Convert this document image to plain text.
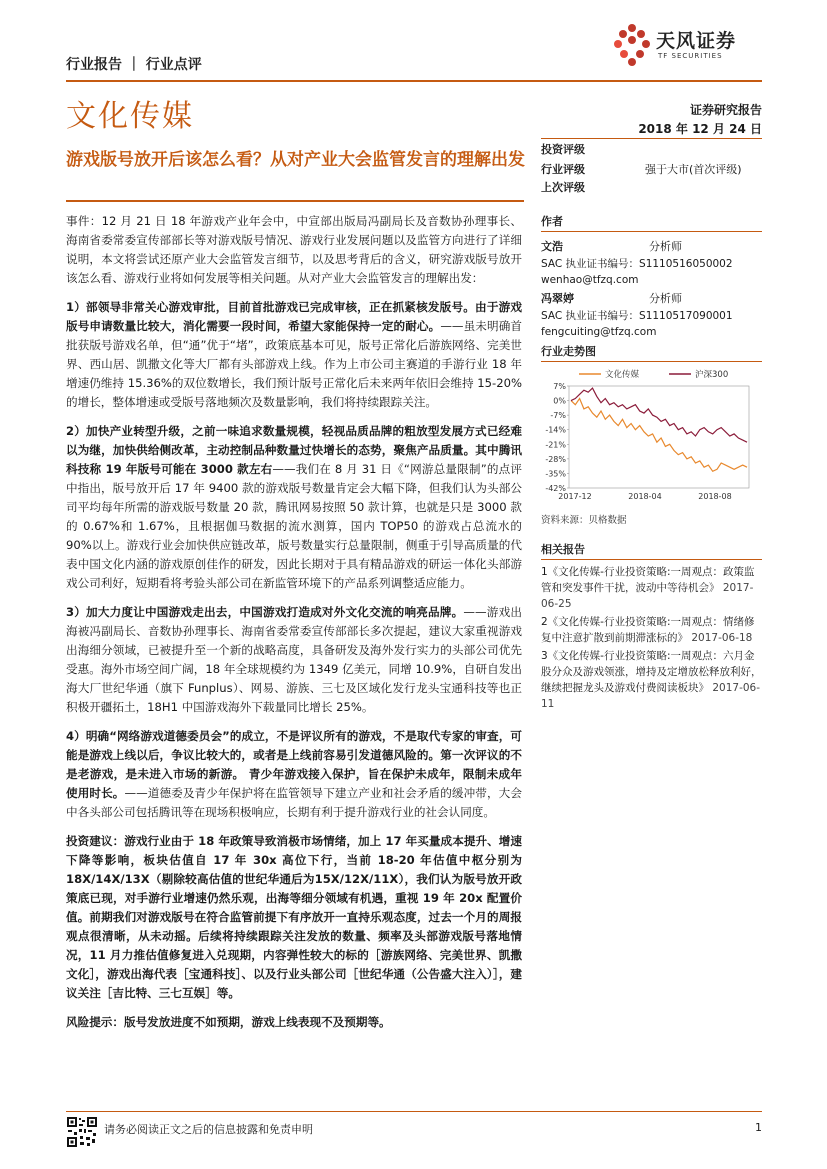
天风证券
TF SECURITIES
行业报告 ｜ 行业点评
文化传媒	证券研究报告
2018 年 12 月 24 日
游戏版号放开后该怎么看？从对产业大会监管发言的理解出发

事件：12 月 21 日 18 年游戏产业年会中，中宣部出版局冯副局长及音数协孙理事长、海南省委常委宣传部部长等对游戏版号情况、游戏行业发展问题以及监管方向进行了详细说明，本文将尝试还原产业大会监管发言细节，以及思考背后的含义，研究游戏版号放开该怎么看、游戏行业将如何发展等相关问题。从对产业大会监管发言的理解出发：

1）部领导非常关心游戏审批，目前首批游戏已完成审核，正在抓紧核发版号。由于游戏版号申请数量比较大，消化需要一段时间，希望大家能保持一定的耐心。——虽未明确首批获版号游戏名单，但“通”优于“堵”，政策底基本可见，版号正常化后游族网络、完美世界、西山居、凯撒文化等大厂都有头部游戏上线。作为上市公司主赛道的手游行业 18 年增速仍维持 15.36%的双位数增长，我们预计版号正常化后未来两年依旧会维持 15-20%的增长，整体增速或受版号落地频次及数量影响，我们将持续跟踪关注。

2）加快产业转型升级，之前一味追求数量规模，轻视品质品牌的粗放型发展方式已经难以为继，加快供给侧改革，主动控制品种数量过快增长的态势，聚焦产品质量。其中腾讯科技称 19 年版号可能在 3000 款左右——我们在 8 月 31 日《“网游总量限制”的点评中指出，版号放开后 17 年 9400 款的游戏版号数量肯定会大幅下降，但我们认为头部公司平均每年所需的游戏版号数量 20 款，腾讯网易按照 50 款计算，也就是只是 3000 款的 0.67%和 1.67%，且根据伽马数据的流水测算，国内 TOP50 的游戏占总流水的 90%以上。游戏行业会加快供应链改革，版号数量实行总量限制，侧重于引导高质量的代表中国文化内涵的游戏原创佳作的研发，因此长期对于具有精品游戏的研运一体化头部游戏公司利好，短期看将考验头部公司在新监管环境下的产品系列调整适应能力。

3）加大力度让中国游戏走出去，中国游戏打造成对外文化交流的响亮品牌。——游戏出海被冯副局长、音数协孙理事长、海南省委常委宣传部部长多次提起，建议大家重视游戏出海细分领域，已被提升至一个新的战略高度，具备研发及海外发行实力的头部公司优先受惠。海外市场空间广阔，18 年全球规模约为 1349 亿美元，同增 10.9%，自研自发出海大厂世纪华通（旗下 Funplus）、网易、游族、三七及区域化发行龙头宝通科技等也正积极开疆拓土，18H1 中国游戏海外下载量同比增长 25%。

4）明确“网络游戏道德委员会”的成立，不是评议所有的游戏，不是取代专家的审查，可能是游戏上线以后，争议比较大的，或者是上线前容易引发道德风险的。第一次评议的不是老游戏，是未进入市场的新游。 青少年游戏接入保护，旨在保护未成年，限制未成年使用时长。——道德委及青少年保护将在监管领导下建立产业和社会矛盾的缓冲带，大会中各头部公司包括腾讯等在现场积极响应，长期有利于提升游戏行业的社会认同度。

投资建议：游戏行业由于 18 年政策导致消极市场情绪，加上 17 年买量成本提升、增速下降等影响，板块估值自 17 年 30x 高位下行，当前 18-20 年估值中枢分别为 18X/14X/13X（剔除较高估值的世纪华通后为15X/12X/11X），我们认为版号放开政策底已现，对手游行业增速仍然乐观，出海等细分领域有机遇，重视 19 年 20x 配置价值。前期我们对游戏版号在符合监管前提下有序放开一直持乐观态度，过去一个月的周报观点很清晰，从未动摇。后续将持续跟踪关注发放的数量、频率及头部游戏版号落地情况，11 月力推估值修复进入兑现期，内容弹性较大的标的［游族网络、完美世界、凯撒文化］，游戏出海代表［宝通科技］、以及行业头部公司［世纪华通（公告盛大注入）］，建议关注［吉比特、三七互娱］等。

风险提示：版号发放进度不如预期，游戏上线表现不及预期等。

投资评级
行业评级	强于大市(首次评级)
上次评级
作者
文浩	分析师
SAC 执业证书编号：S1110516050002
wenhao@tfzq.com
冯翠婷	分析师
SAC 执业证书编号：S1110517090001
fengcuiting@tfzq.com
行业走势图
7%
0%
-7%
-14%
-21%
-28%
-35%
-42%
2017-12	2018-04	2018-08
文化传媒	沪深300
资料来源：贝格数据
相关报告
1《文化传媒-行业投资策略:一周观点：政策监管和突发事件干扰，波动中等待机会》 2017-06-25
2《文化传媒-行业投资策略:一周观点：情绪修复中注意扩散到前期滞涨标的》 2017-06-18
3《文化传媒-行业投资策略:一周观点：六月金股分众及游戏领涨，增持及定增放松释放利好，继续把握龙头及游戏付费阅读板块》 2017-06-11
请务必阅读正文之后的信息披露和免责申明	1
